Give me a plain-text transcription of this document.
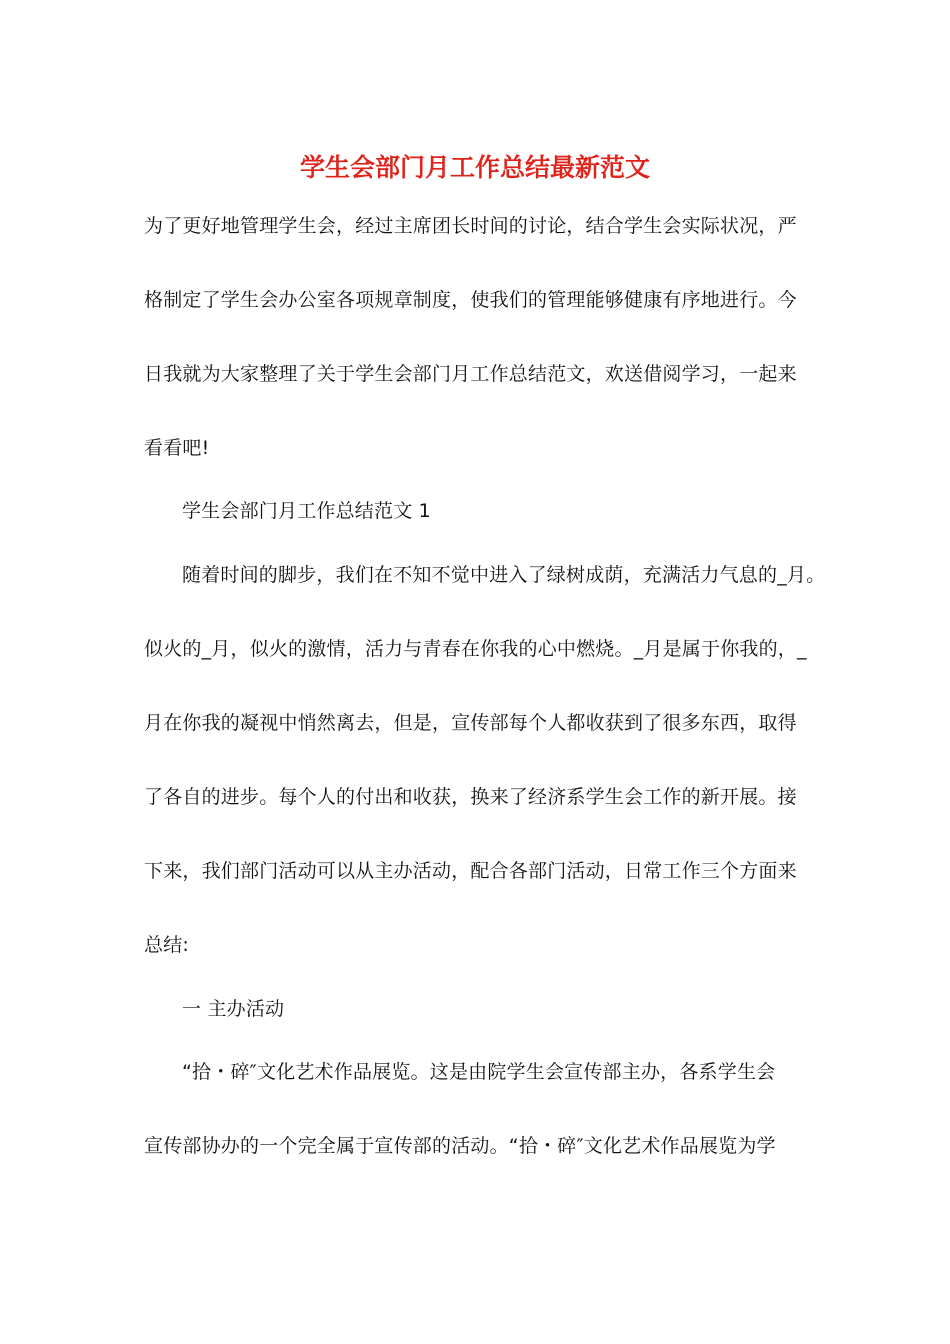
学生会部门月工作总结最新范文
为了更好地管理学生会，经过主席团长时间的讨论，结合学生会实际状况，严
格制定了学生会办公室各项规章制度，使我们的管理能够健康有序地进行。今
日我就为大家整理了关于学生会部门月工作总结范文，欢送借阅学习，一起来
看看吧!
学生会部门月工作总结范文 1
随着时间的脚步，我们在不知不觉中进入了绿树成荫，充满活力气息的_月。
似火的_月，似火的激情，活力与青春在你我的心中燃烧。_月是属于你我的，_
月在你我的凝视中悄然离去，但是，宣传部每个人都收获到了很多东西，取得
了各自的进步。每个人的付出和收获，换来了经济系学生会工作的新开展。接
下来，我们部门活动可以从主办活动，配合各部门活动，日常工作三个方面来
总结:
一 主办活动
“拾・碎″文化艺术作品展览。这是由院学生会宣传部主办，各系学生会
宣传部协办的一个完全属于宣传部的活动。“拾・碎″文化艺术作品展览为学
